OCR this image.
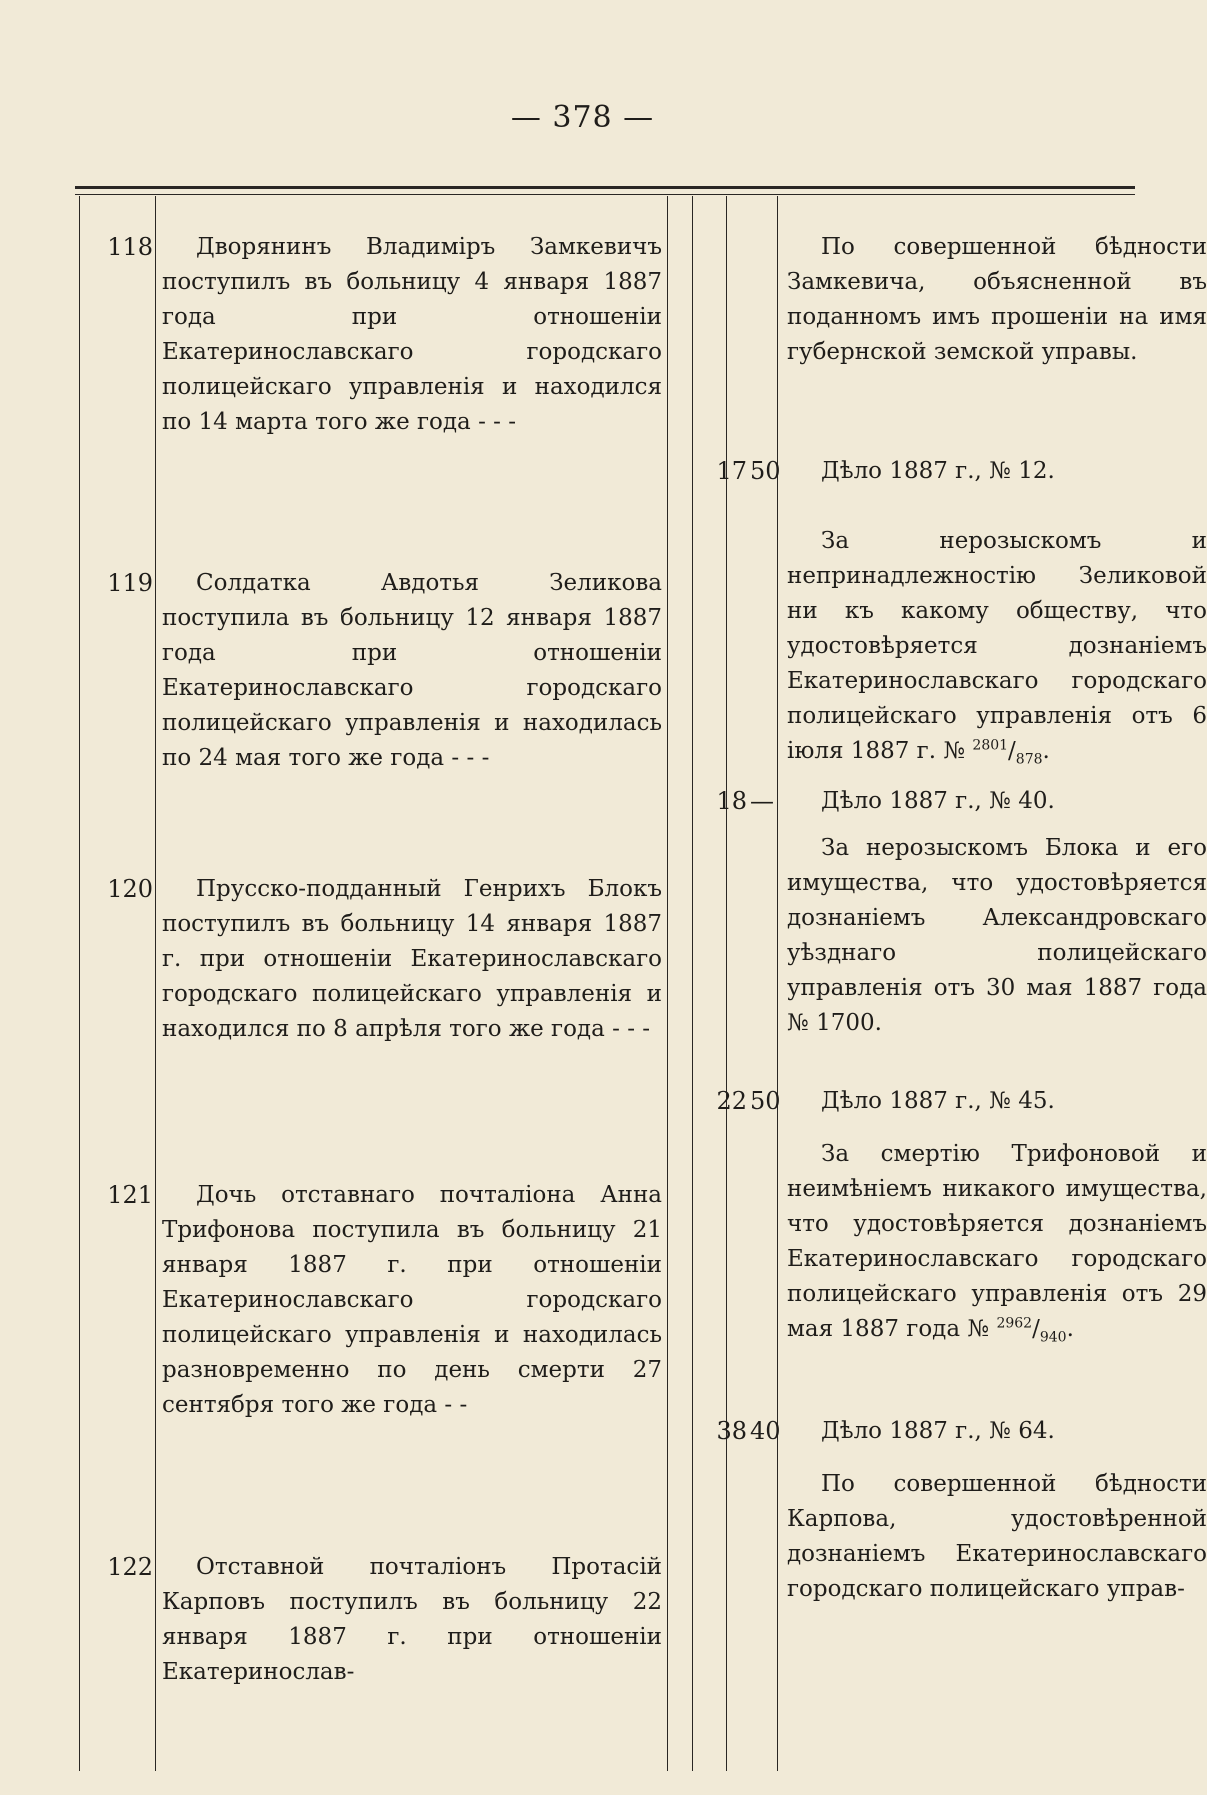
— 378 —
118	Дворянинъ Владиміръ Замкевичъ поступилъ въ больницу 4 января 1887 года при отношеніи Екатеринославскаго городскаго полицейскаго управленія и находился по 14 марта того же года - - -

119	Солдатка Авдотья Зеликова поступила въ больницу 12 января 1887 года при отношеніи Екатеринославскаго городскаго полицейскаго управленія и находилась по 24 мая того же года - - -

120	Прусско-подданный Генрихъ Блокъ поступилъ въ больницу 14 января 1887 г. при отношеніи Екатеринославскаго городскаго полицейскаго управленія и находился по 8 апрѣля того же года - - -

121	Дочь отставнаго почталіона Анна Трифонова поступила въ больницу 21 января 1887 г. при отношеніи Екатеринославскаго городскаго полицейскаго управленія и находилась разновременно по день смерти 27 сентября того же года - -

122	Отставной почталіонъ Протасій Карповъ поступилъ въ больницу 22 января 1887 г. при отношеніи Екатеринослав-

По совершенной бѣдности Замкевича, объясненной въ поданномъ имъ прошеніи на имя губернской земской управы.

17 50	Дѣло 1887 г., № 12.

За нерозыскомъ и непринадлежностію Зеликовой ни къ какому обществу, что удостовѣряется дознаніемъ Екатеринославскаго городскаго полицейскаго управленія отъ 6 іюля 1887 г. № $^{2801}/_{878}$.

18 —	Дѣло 1887 г., № 40.

За нерозыскомъ Блока и его имущества, что удостовѣряется дознаніемъ Александровскаго уѣзднаго полицейскаго управленія отъ 30 мая 1887 года № 1700.

22 50	Дѣло 1887 г., № 45.

За смертію Трифоновой и неимѣніемъ никакого имущества, что удостовѣряется дознаніемъ Екатеринославскаго городскаго полицейскаго управленія отъ 29 мая 1887 года № $^{2962}/_{940}$.

38 40	Дѣло 1887 г., № 64.

По совершенной бѣдности Карпова, удостовѣренной дознаніемъ Екатеринославскаго городскаго полицейскаго управ-
